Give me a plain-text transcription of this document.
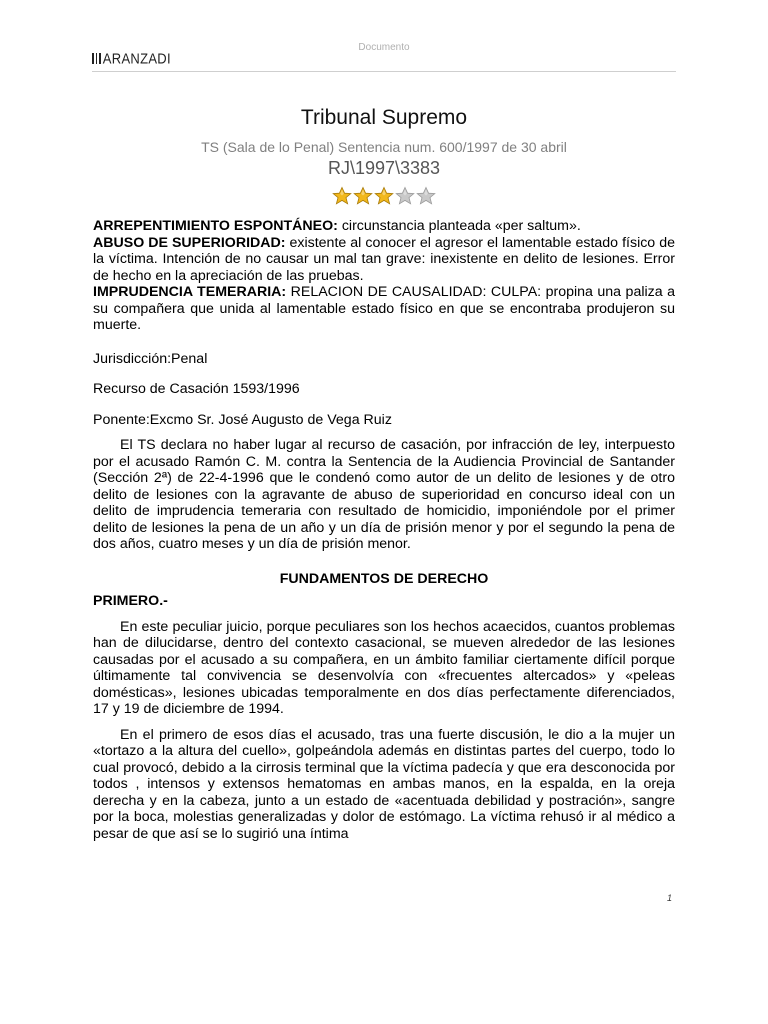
Documento
ARANZADI
Tribunal Supremo
TS (Sala de lo Penal) Sentencia num. 600/1997 de 30 abril
RJ\1997\3383

ARREPENTIMIENTO ESPONTÁNEO: circunstancia planteada «per saltum».

ABUSO DE SUPERIORIDAD: existente al conocer el agresor el lamentable estado físico de la víctima. Intención de no causar un mal tan grave: inexistente en delito de lesiones. Error de hecho en la apreciación de las pruebas.

IMPRUDENCIA TEMERARIA: RELACION DE CAUSALIDAD: CULPA: propina una paliza a su compañera que unida al lamentable estado físico en que se encontraba produjeron su muerte.

Jurisdicción:Penal

Recurso de Casación 1593/1996

Ponente:Excmo Sr. José Augusto de Vega Ruiz

El TS declara no haber lugar al recurso de casación, por infracción de ley, interpuesto por el acusado Ramón C. M. contra la Sentencia de la Audiencia Provincial de Santander (Sección 2ª) de 22-4-1996 que le condenó como autor de un delito de lesiones y de otro delito de lesiones con la agravante de abuso de superioridad en concurso ideal con un delito de imprudencia temeraria con resultado de homicidio, imponiéndole por el primer delito de lesiones la pena de un año y un día de prisión menor y por el segundo la pena de dos años, cuatro meses y un día de prisión menor.

FUNDAMENTOS DE DERECHO

PRIMERO.-

En este peculiar juicio, porque peculiares son los hechos acaecidos, cuantos problemas han de dilucidarse, dentro del contexto casacional, se mueven alrededor de las lesiones causadas por el acusado a su compañera, en un ámbito familiar ciertamente difícil porque últimamente tal convivencia se desenvolvía con «frecuentes altercados» y «peleas domésticas», lesiones ubicadas temporalmente en dos días perfectamente diferenciados, 17 y 19 de diciembre de 1994.

En el primero de esos días el acusado, tras una fuerte discusión, le dio a la mujer un «tortazo a la altura del cuello», golpeándola además en distintas partes del cuerpo, todo lo cual provocó, debido a la cirrosis terminal que la víctima padecía y que era desconocida por todos , intensos y extensos hematomas en ambas manos, en la espalda, en la oreja derecha y en la cabeza, junto a un estado de «acentuada debilidad y postración», sangre por la boca, molestias generalizadas y dolor de estómago. La víctima rehusó ir al médico a pesar de que así se lo sugirió una íntima

1
